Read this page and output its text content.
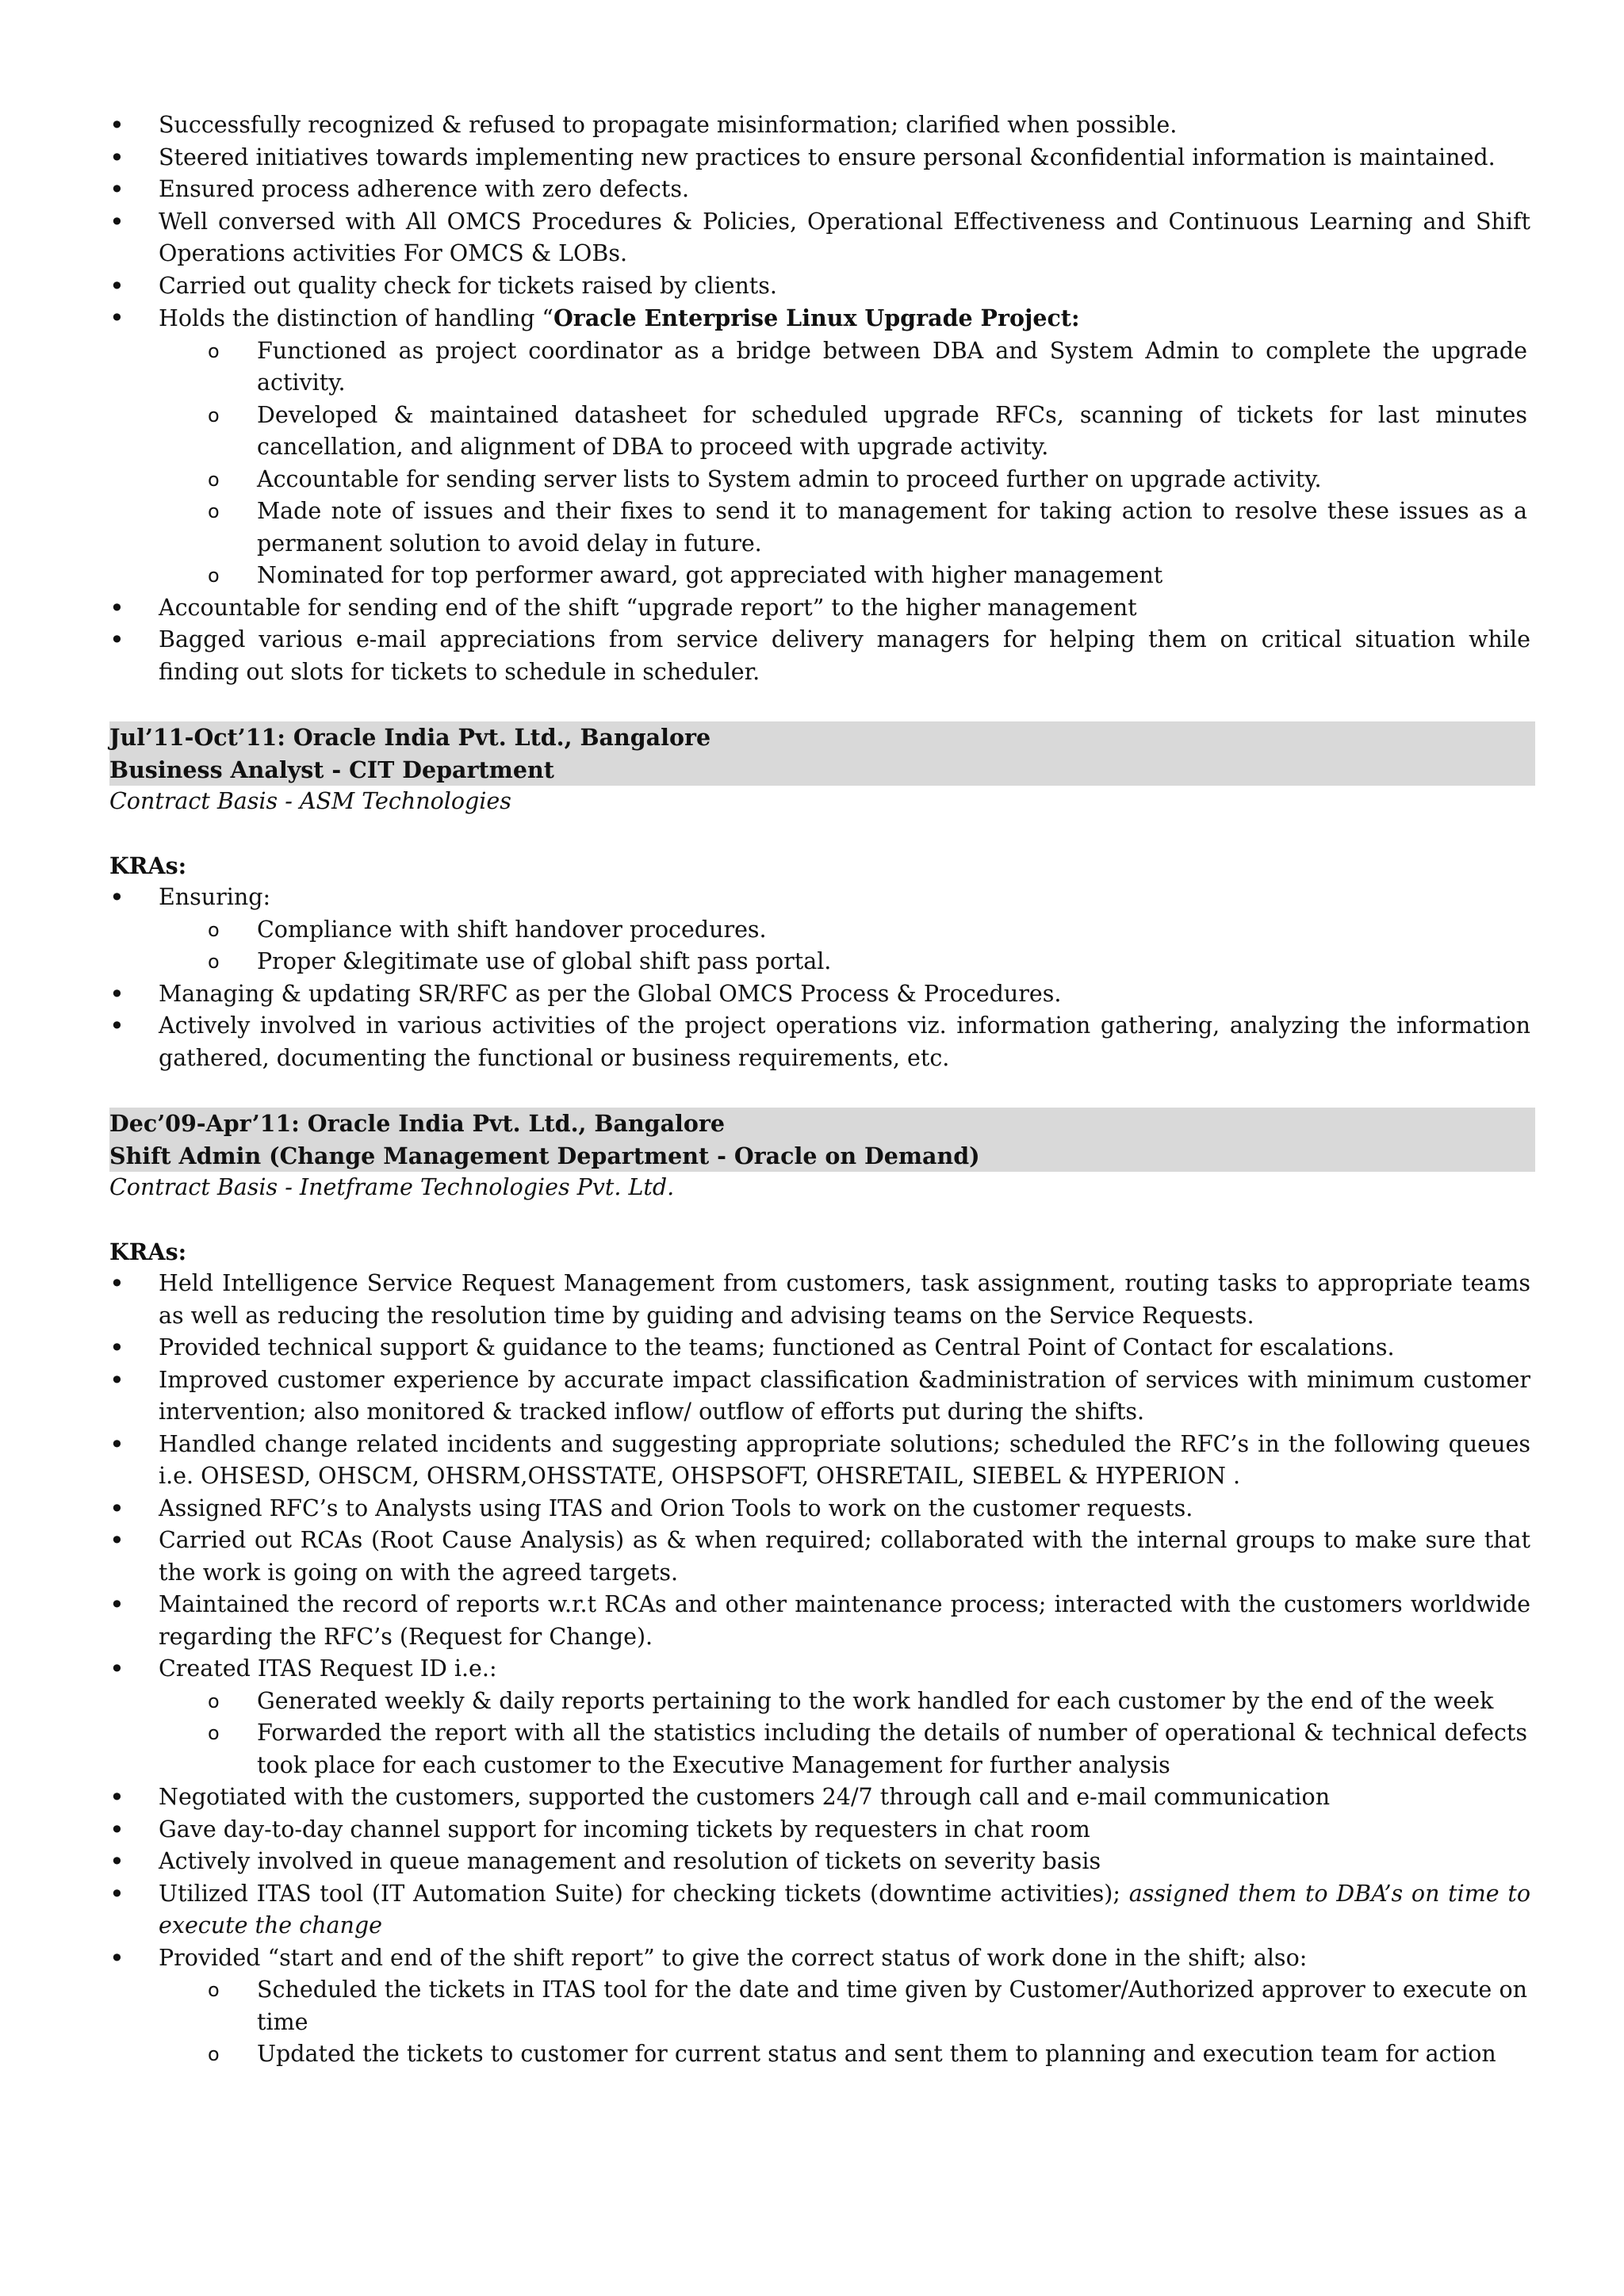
• Successfully recognized & refused to propagate misinformation; clarified when possible.
• Steered initiatives towards implementing new practices to ensure personal &confidential information is maintained.
• Ensured process adherence with zero defects.
• Well conversed with All OMCS Procedures & Policies, Operational Effectiveness and Continuous Learning and Shift Operations activities For OMCS & LOBs.
• Carried out quality check for tickets raised by clients.
• Holds the distinction of handling “Oracle Enterprise Linux Upgrade Project:
o Functioned as project coordinator as a bridge between DBA and System Admin to complete the upgrade activity.
o Developed & maintained datasheet for scheduled upgrade RFCs, scanning of tickets for last minutes cancellation, and alignment of DBA to proceed with upgrade activity.
o Accountable for sending server lists to System admin to proceed further on upgrade activity.
o Made note of issues and their fixes to send it to management for taking action to resolve these issues as a permanent solution to avoid delay in future.
o Nominated for top performer award, got appreciated with higher management
• Accountable for sending end of the shift “upgrade report” to the higher management
• Bagged various e-mail appreciations from service delivery managers for helping them on critical situation while finding out slots for tickets to schedule in scheduler.
Jul’11-Oct’11: Oracle India Pvt. Ltd., Bangalore
Business Analyst - CIT Department
Contract Basis - ASM Technologies
KRAs:
• Ensuring:
o Compliance with shift handover procedures.
o Proper &legitimate use of global shift pass portal.
• Managing & updating SR/RFC as per the Global OMCS Process & Procedures.
• Actively involved in various activities of the project operations viz. information gathering, analyzing the information gathered, documenting the functional or business requirements, etc.
Dec’09-Apr’11: Oracle India Pvt. Ltd., Bangalore
Shift Admin (Change Management Department - Oracle on Demand)
Contract Basis - Inetframe Technologies Pvt. Ltd.
KRAs:
• Held Intelligence Service Request Management from customers, task assignment, routing tasks to appropriate teams as well as reducing the resolution time by guiding and advising teams on the Service Requests.
• Provided technical support & guidance to the teams; functioned as Central Point of Contact for escalations.
• Improved customer experience by accurate impact classification &administration of services with minimum customer intervention; also monitored & tracked inflow/ outflow of efforts put during the shifts.
• Handled change related incidents and suggesting appropriate solutions; scheduled the RFC’s in the following queues i.e. OHSESD, OHSCM, OHSRM,OHSSTATE, OHSPSOFT, OHSRETAIL, SIEBEL & HYPERION .
• Assigned RFC’s to Analysts using ITAS and Orion Tools to work on the customer requests.
• Carried out RCAs (Root Cause Analysis) as & when required; collaborated with the internal groups to make sure that the work is going on with the agreed targets.
• Maintained the record of reports w.r.t RCAs and other maintenance process; interacted with the customers worldwide regarding the RFC’s (Request for Change).
• Created ITAS Request ID i.e.:
o Generated weekly & daily reports pertaining to the work handled for each customer by the end of the week
o Forwarded the report with all the statistics including the details of number of operational & technical defects took place for each customer to the Executive Management for further analysis
• Negotiated with the customers, supported the customers 24/7 through call and e-mail communication
• Gave day-to-day channel support for incoming tickets by requesters in chat room
• Actively involved in queue management and resolution of tickets on severity basis
• Utilized ITAS tool (IT Automation Suite) for checking tickets (downtime activities); assigned them to DBA’s on time to execute the change
• Provided “start and end of the shift report” to give the correct status of work done in the shift; also:
o Scheduled the tickets in ITAS tool for the date and time given by Customer/Authorized approver to execute on time
o Updated the tickets to customer for current status and sent them to planning and execution team for action
